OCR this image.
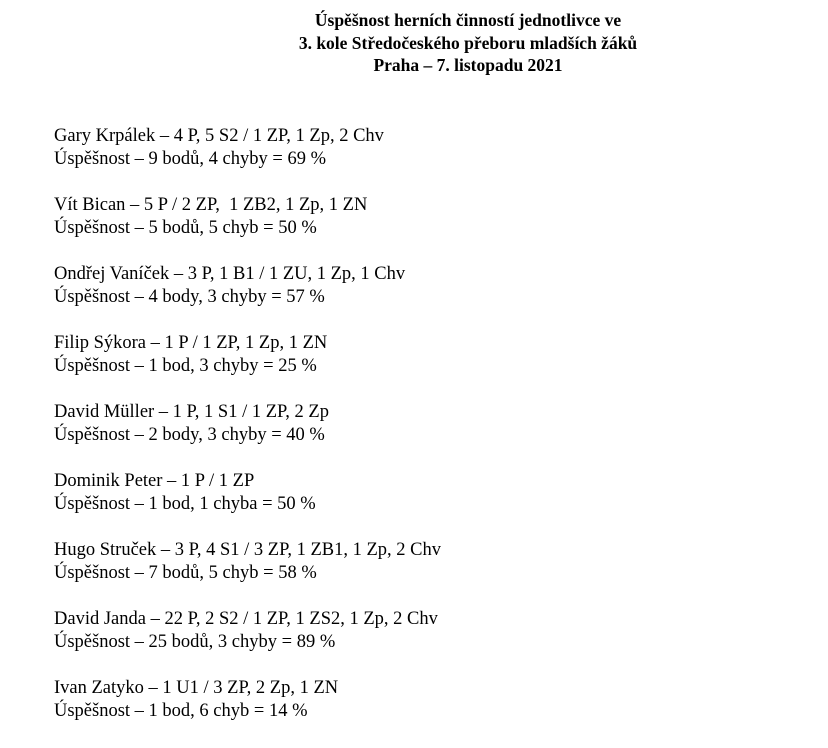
Úspěšnost herních činností jednotlivce ve
3. kole Středočeského přeboru mladších žáků
Praha – 7. listopadu 2021
Gary Krpálek – 4 P, 5 S2 / 1 ZP, 1 Zp, 2 Chv
Úspěšnost – 9 bodů, 4 chyby = 69 %
Vít Bican – 5 P / 2 ZP,  1 ZB2, 1 Zp, 1 ZN
Úspěšnost – 5 bodů, 5 chyb = 50 %
Ondřej Vaníček – 3 P, 1 B1 / 1 ZU, 1 Zp, 1 Chv
Úspěšnost – 4 body, 3 chyby = 57 %
Filip Sýkora – 1 P / 1 ZP, 1 Zp, 1 ZN
Úspěšnost – 1 bod, 3 chyby = 25 %
David Müller – 1 P, 1 S1 / 1 ZP, 2 Zp
Úspěšnost – 2 body, 3 chyby = 40 %
Dominik Peter – 1 P / 1 ZP
Úspěšnost – 1 bod, 1 chyba = 50 %
Hugo Struček – 3 P, 4 S1 / 3 ZP, 1 ZB1, 1 Zp, 2 Chv
Úspěšnost – 7 bodů, 5 chyb = 58 %
David Janda – 22 P, 2 S2 / 1 ZP, 1 ZS2, 1 Zp, 2 Chv
Úspěšnost – 25 bodů, 3 chyby = 89 %
Ivan Zatyko – 1 U1 / 3 ZP, 2 Zp, 1 ZN
Úspěšnost – 1 bod, 6 chyb = 14 %
